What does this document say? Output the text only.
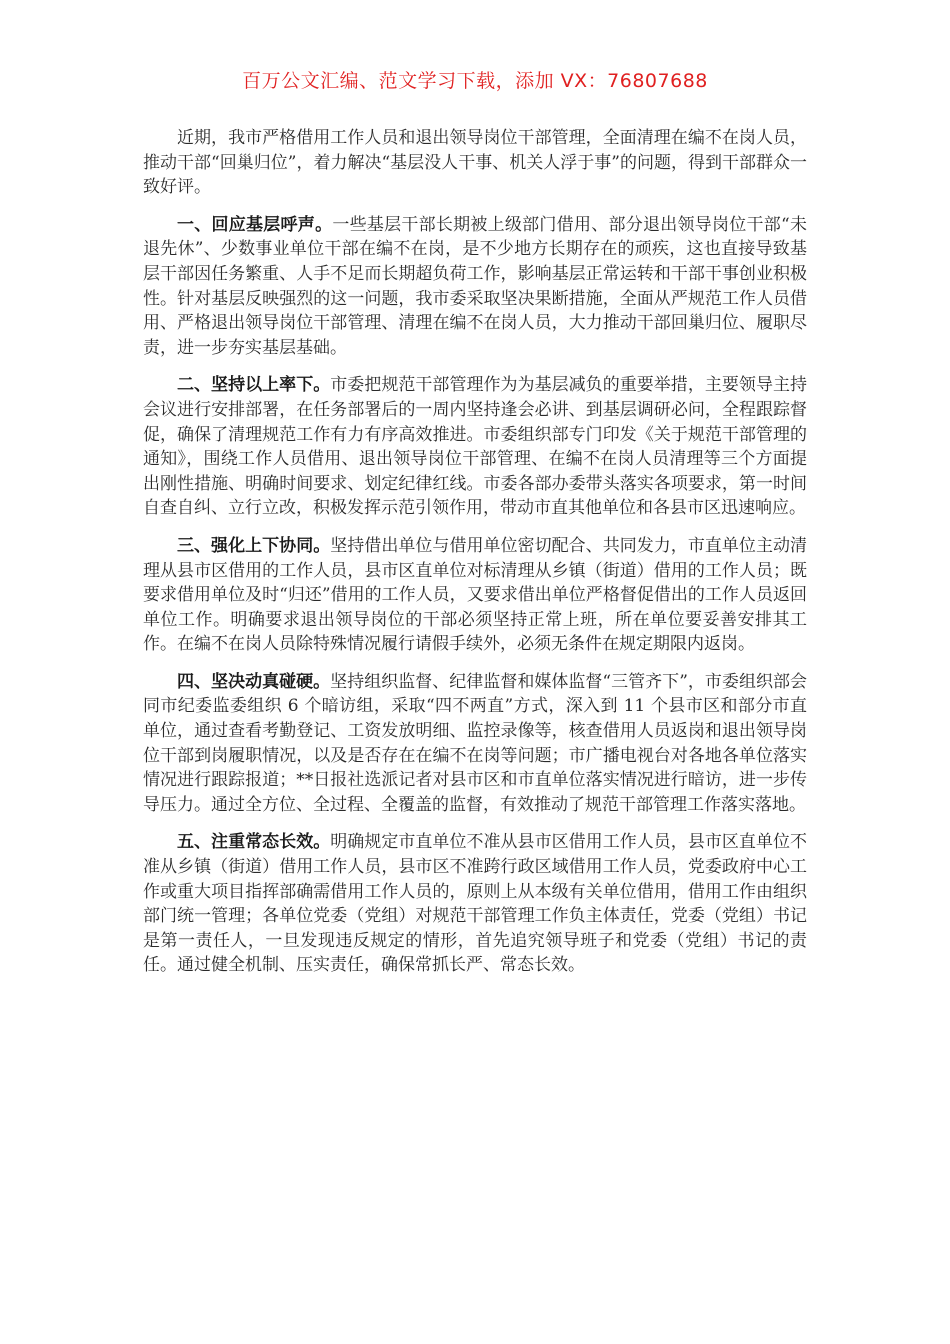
百万公文汇编、范文学习下载，添加 VX：76807688

近期，我市严格借用工作人员和退出领导岗位干部管理，全面清理在编不在岗人员，推动干部“回巢归位”，着力解决“基层没人干事、机关人浮于事”的问题，得到干部群众一致好评。

一、回应基层呼声。一些基层干部长期被上级部门借用、部分退出领导岗位干部“未退先休”、少数事业单位干部在编不在岗，是不少地方长期存在的顽疾，这也直接导致基层干部因任务繁重、人手不足而长期超负荷工作，影响基层正常运转和干部干事创业积极性。针对基层反映强烈的这一问题，我市委采取坚决果断措施，全面从严规范工作人员借用、严格退出领导岗位干部管理、清理在编不在岗人员，大力推动干部回巢归位、履职尽责，进一步夯实基层基础。

二、坚持以上率下。市委把规范干部管理作为为基层减负的重要举措，主要领导主持会议进行安排部署，在任务部署后的一周内坚持逢会必讲、到基层调研必问，全程跟踪督促，确保了清理规范工作有力有序高效推进。市委组织部专门印发《关于规范干部管理的通知》，围绕工作人员借用、退出领导岗位干部管理、在编不在岗人员清理等三个方面提出刚性措施、明确时间要求、划定纪律红线。市委各部办委带头落实各项要求，第一时间自查自纠、立行立改，积极发挥示范引领作用，带动市直其他单位和各县市区迅速响应。

三、强化上下协同。坚持借出单位与借用单位密切配合、共同发力，市直单位主动清理从县市区借用的工作人员，县市区直单位对标清理从乡镇（街道）借用的工作人员；既要求借用单位及时“归还”借用的工作人员，又要求借出单位严格督促借出的工作人员返回单位工作。明确要求退出领导岗位的干部必须坚持正常上班，所在单位要妥善安排其工作。在编不在岗人员除特殊情况履行请假手续外，必须无条件在规定期限内返岗。

四、坚决动真碰硬。坚持组织监督、纪律监督和媒体监督“三管齐下”，市委组织部会同市纪委监委组织 6 个暗访组，采取“四不两直”方式，深入到 11 个县市区和部分市直单位，通过查看考勤登记、工资发放明细、监控录像等，核查借用人员返岗和退出领导岗位干部到岗履职情况，以及是否存在在编不在岗等问题；市广播电视台对各地各单位落实情况进行跟踪报道；**日报社选派记者对县市区和市直单位落实情况进行暗访，进一步传导压力。通过全方位、全过程、全覆盖的监督，有效推动了规范干部管理工作落实落地。

五、注重常态长效。明确规定市直单位不准从县市区借用工作人员，县市区直单位不准从乡镇（街道）借用工作人员，县市区不准跨行政区域借用工作人员，党委政府中心工作或重大项目指挥部确需借用工作人员的，原则上从本级有关单位借用，借用工作由组织部门统一管理；各单位党委（党组）对规范干部管理工作负主体责任，党委（党组）书记是第一责任人，一旦发现违反规定的情形，首先追究领导班子和党委（党组）书记的责任。通过健全机制、压实责任，确保常抓长严、常态长效。
